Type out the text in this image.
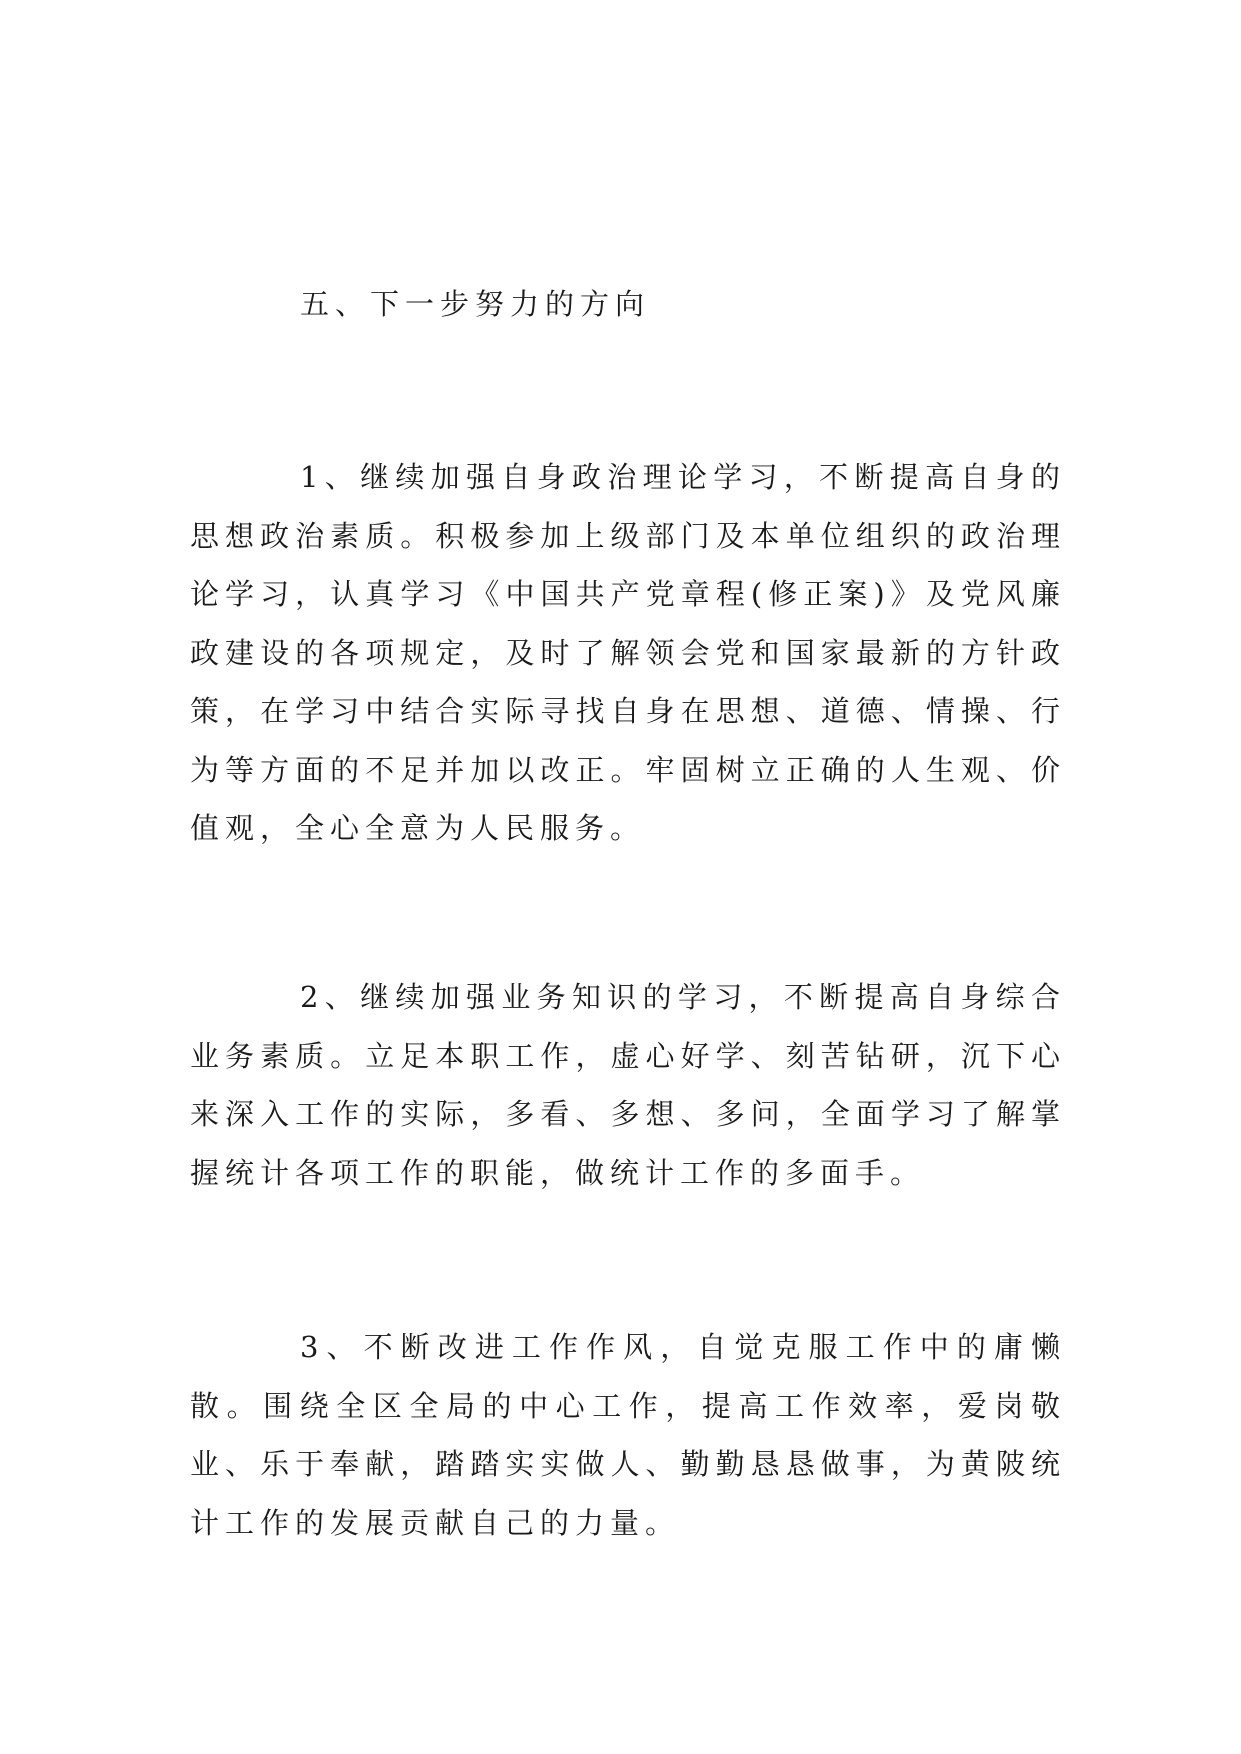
五、下一步努力的方向

1、继续加强自身政治理论学习，不断提高自身的思想政治素质。积极参加上级部门及本单位组织的政治理论学习，认真学习《中国共产党章程(修正案)》及党风廉政建设的各项规定，及时了解领会党和国家最新的方针政策，在学习中结合实际寻找自身在思想、道德、情操、行为等方面的不足并加以改正。牢固树立正确的人生观、价值观，全心全意为人民服务。

2、继续加强业务知识的学习，不断提高自身综合业务素质。立足本职工作，虚心好学、刻苦钻研，沉下心来深入工作的实际，多看、多想、多问，全面学习了解掌握统计各项工作的职能，做统计工作的多面手。

3、不断改进工作作风，自觉克服工作中的庸懒散。围绕全区全局的中心工作，提高工作效率，爱岗敬业、乐于奉献，踏踏实实做人、勤勤恳恳做事，为黄陂统计工作的发展贡献自己的力量。
